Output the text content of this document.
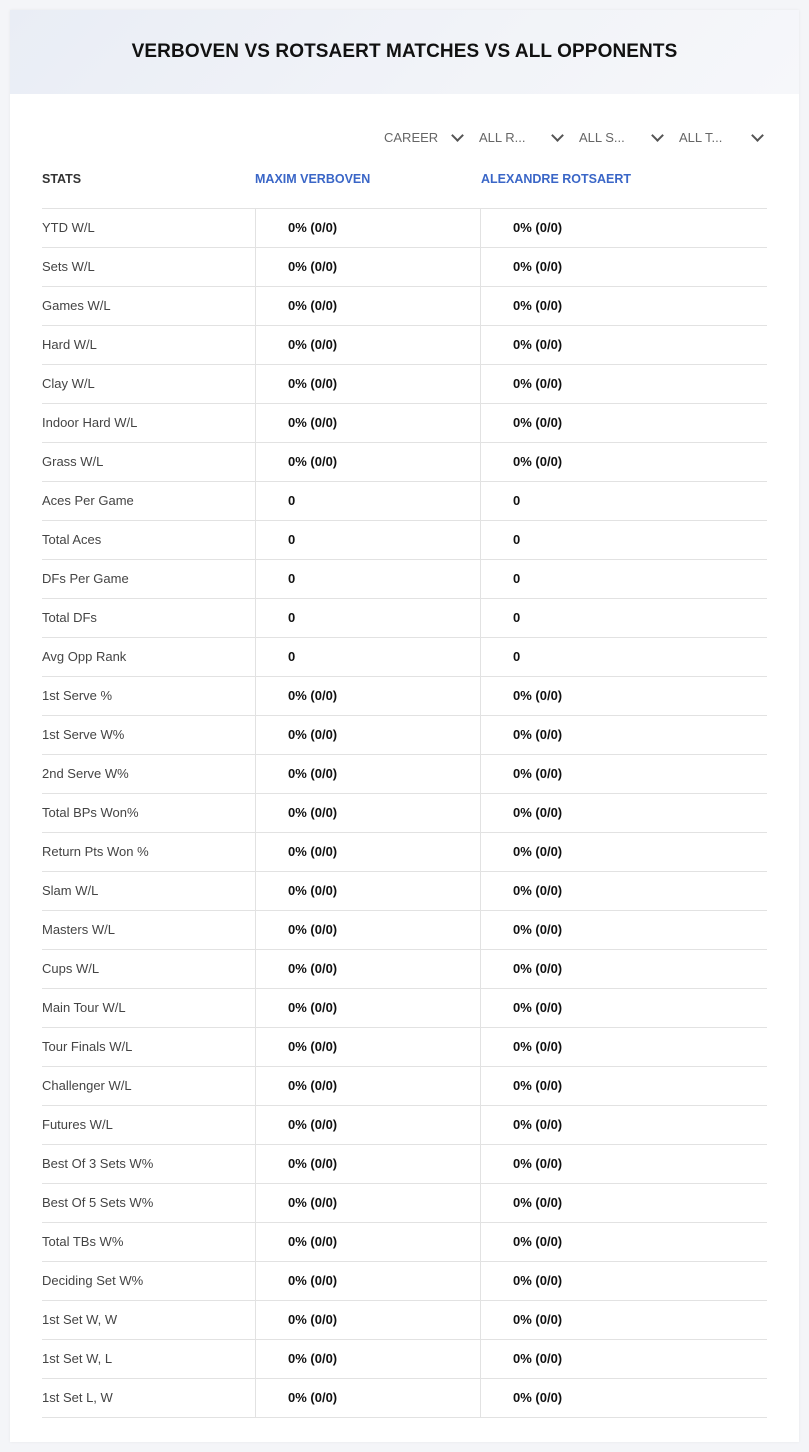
VERBOVEN VS ROTSAERT MATCHES VS ALL OPPONENTS
CAREER	ALL R...	ALL S...	ALL T...
STATS	MAXIM VERBOVEN	ALEXANDRE ROTSAERT
YTD W/L	0% (0/0)	0% (0/0)
Sets W/L	0% (0/0)	0% (0/0)
Games W/L	0% (0/0)	0% (0/0)
Hard W/L	0% (0/0)	0% (0/0)
Clay W/L	0% (0/0)	0% (0/0)
Indoor Hard W/L	0% (0/0)	0% (0/0)
Grass W/L	0% (0/0)	0% (0/0)
Aces Per Game	0	0
Total Aces	0	0
DFs Per Game	0	0
Total DFs	0	0
Avg Opp Rank	0	0
1st Serve %	0% (0/0)	0% (0/0)
1st Serve W%	0% (0/0)	0% (0/0)
2nd Serve W%	0% (0/0)	0% (0/0)
Total BPs Won%	0% (0/0)	0% (0/0)
Return Pts Won %	0% (0/0)	0% (0/0)
Slam W/L	0% (0/0)	0% (0/0)
Masters W/L	0% (0/0)	0% (0/0)
Cups W/L	0% (0/0)	0% (0/0)
Main Tour W/L	0% (0/0)	0% (0/0)
Tour Finals W/L	0% (0/0)	0% (0/0)
Challenger W/L	0% (0/0)	0% (0/0)
Futures W/L	0% (0/0)	0% (0/0)
Best Of 3 Sets W%	0% (0/0)	0% (0/0)
Best Of 5 Sets W%	0% (0/0)	0% (0/0)
Total TBs W%	0% (0/0)	0% (0/0)
Deciding Set W%	0% (0/0)	0% (0/0)
1st Set W, W	0% (0/0)	0% (0/0)
1st Set W, L	0% (0/0)	0% (0/0)
1st Set L, W	0% (0/0)	0% (0/0)
